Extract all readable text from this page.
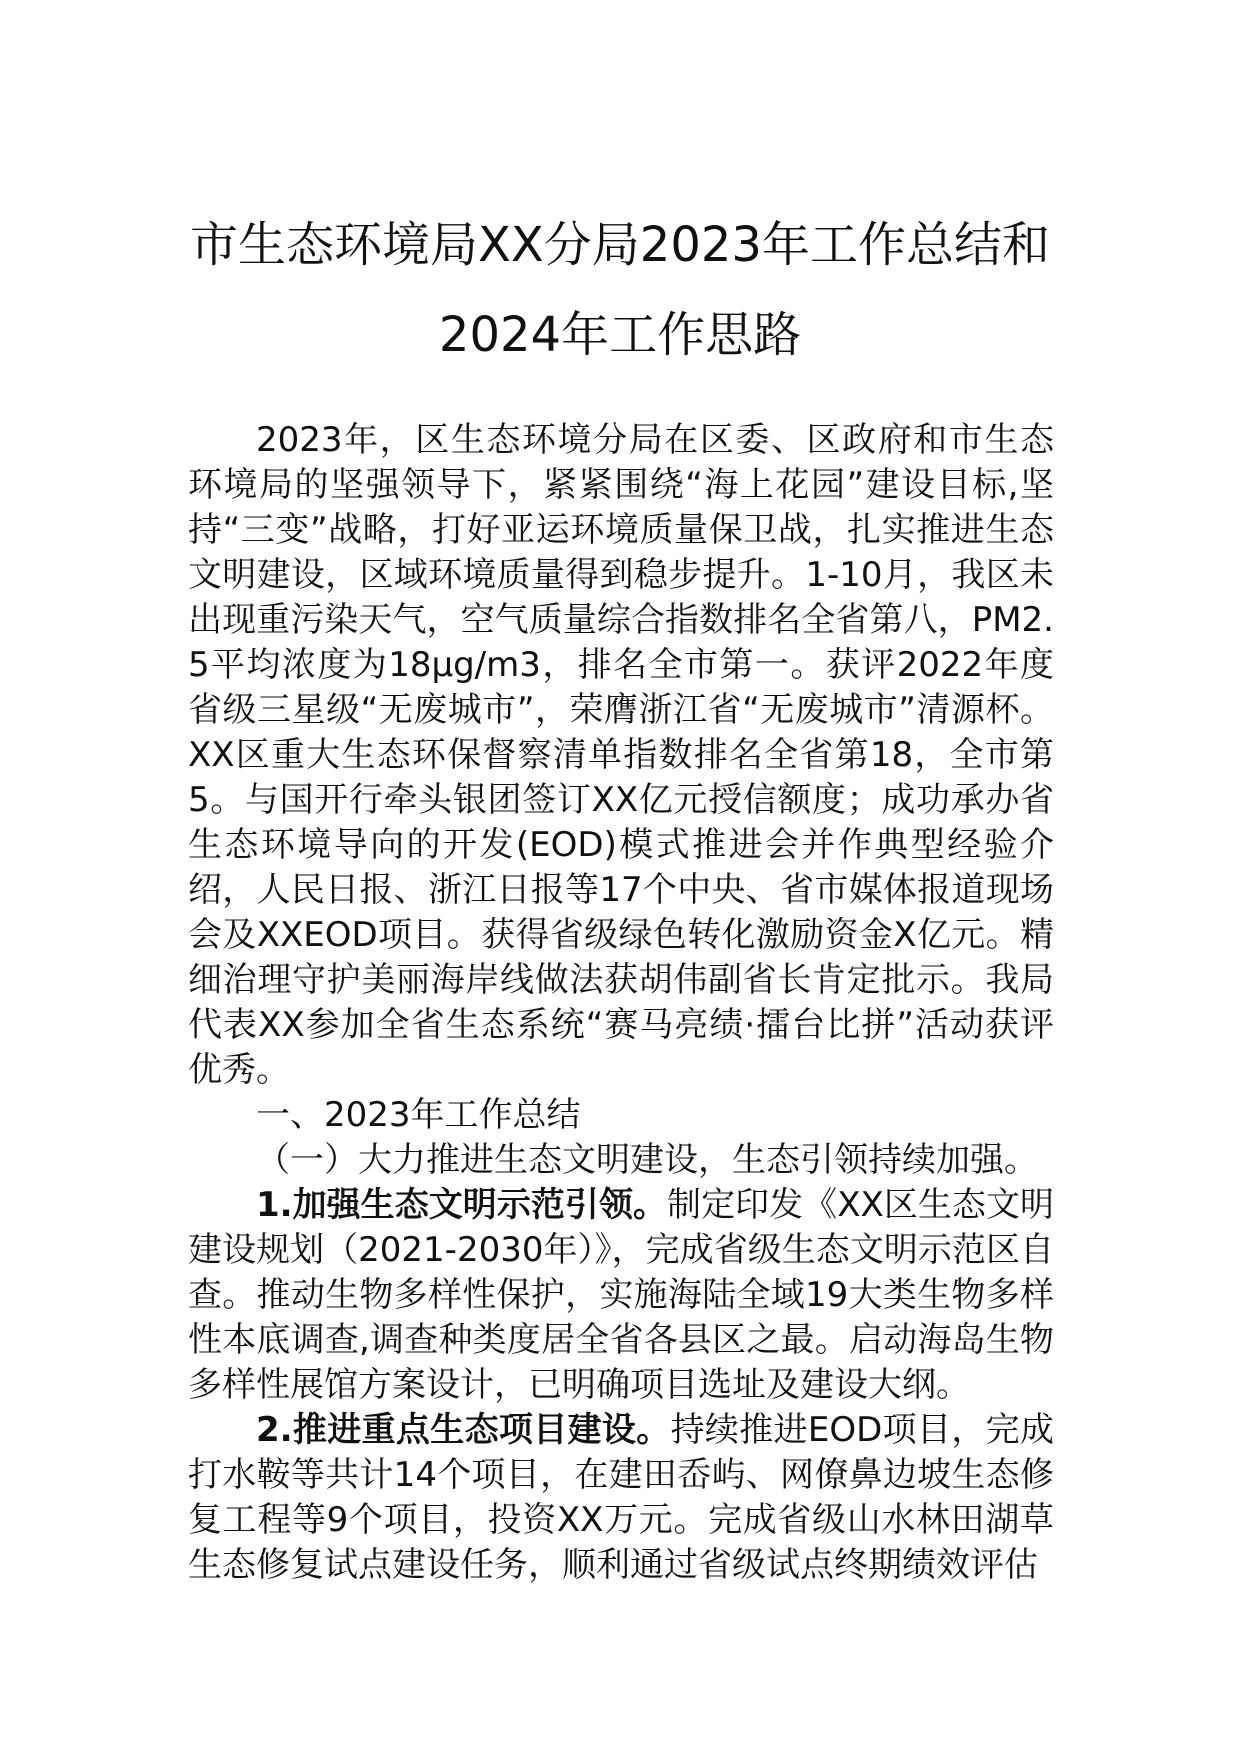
市生态环境局XX分局2023年工作总结和
2024年工作思路

2023年，区生态环境分局在区委、区政府和市生态环境局的坚强领导下，紧紧围绕“海上花园”建设目标,坚持“三变”战略，打好亚运环境质量保卫战，扎实推进生态文明建设，区域环境质量得到稳步提升。1-10月，我区未出现重污染天气，空气质量综合指数排名全省第八，PM2.5平均浓度为18μg/m3，排名全市第一。获评2022年度省级三星级“无废城市”，荣膺浙江省“无废城市”清源杯。XX区重大生态环保督察清单指数排名全省第18，全市第5。与国开行牵头银团签订XX亿元授信额度；成功承办省生态环境导向的开发(EOD)模式推进会并作典型经验介绍，人民日报、浙江日报等17个中央、省市媒体报道现场会及XXEOD项目。获得省级绿色转化激励资金X亿元。精细治理守护美丽海岸线做法获胡伟副省长肯定批示。我局代表XX参加全省生态系统“赛马亮绩·擂台比拼”活动获评优秀。

一、2023年工作总结

（一）大力推进生态文明建设，生态引领持续加强。

1.加强生态文明示范引领。制定印发《XX区生态文明建设规划（2021-2030年）》，完成省级生态文明示范区自查。推动生物多样性保护，实施海陆全域19大类生物多样性本底调查,调查种类度居全省各县区之最。启动海岛生物多样性展馆方案设计，已明确项目选址及建设大纲。

2.推进重点生态项目建设。持续推进EOD项目，完成打水鞍等共计14个项目，在建田岙屿、网僚鼻边坡生态修复工程等9个项目，投资XX万元。完成省级山水林田湖草生态修复试点建设任务，顺利通过省级试点终期绩效评估
